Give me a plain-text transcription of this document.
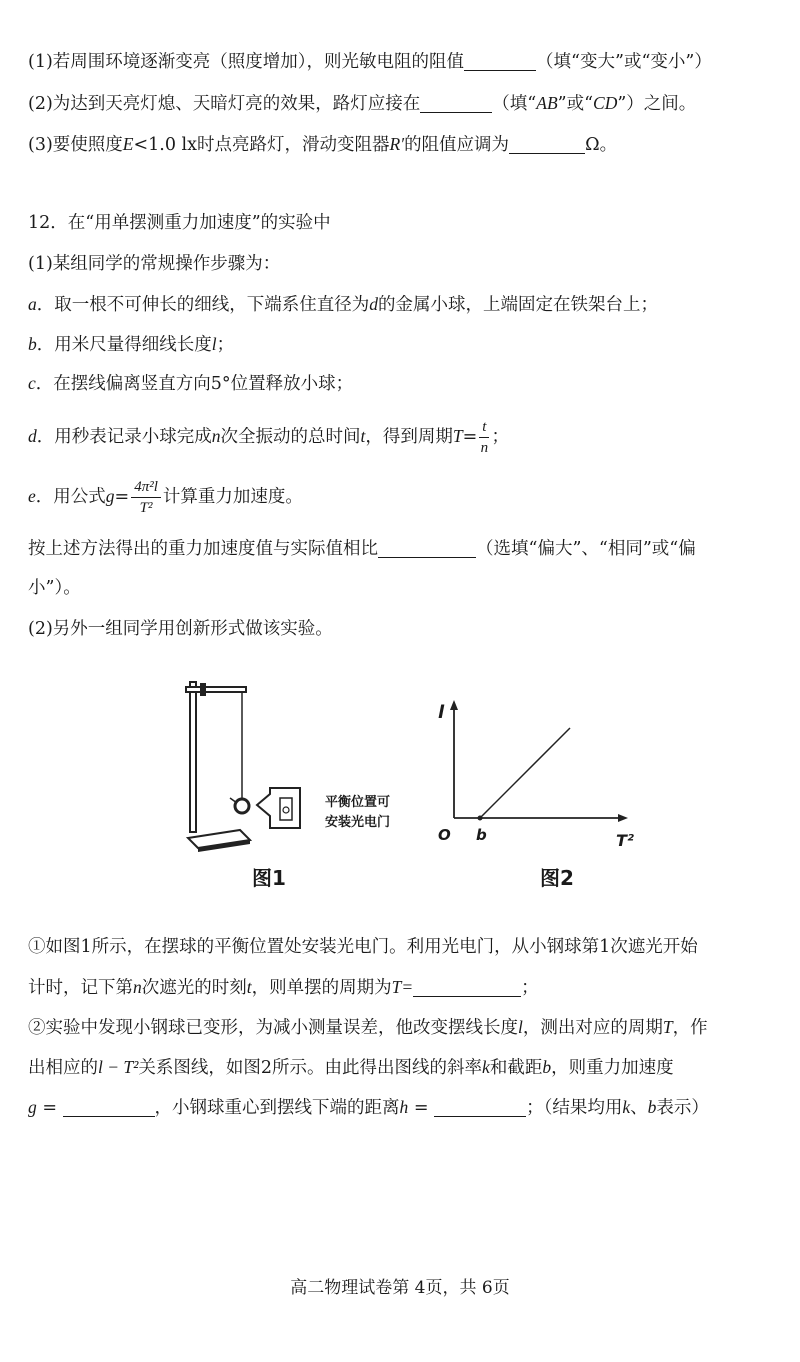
(1)若周围环境逐渐变亮（照度增加），则光敏电阻的阻值	（填“变大”或“变小”）
(2)为达到天亮灯熄、天暗灯亮的效果，路灯应接在	（填“AB”或“CD”）之间。
(3)要使照度E<1.0 lx时点亮路灯，滑动变阻器R′的阻值应调为	Ω。
12．在“用单摆测重力加速度”的实验中
(1)某组同学的常规操作步骤为：
a．取一根不可伸长的细线，下端系住直径为d的金属小球，上端固定在铁架台上；
b．用米尺量得细线长度l；
c．在摆线偏离竖直方向5°位置释放小球；
d．用秒表记录小球完成n次全振动的总时间t，得到周期$T= \frac{t}{n}$ ；
e．用公式$g= \frac{\text{4π²l}}{\text{T²}}$ 计算重力加速度。
按上述方法得出的重力加速度值与实际值相比	（选填“偏大”、“相同”或“偏
小”）。
(2)另外一组同学用创新形式做该实验。
平衡位置可
安装光电门
图1
l
O b	T²
图2
①如图1所示，在摆球的平衡位置处安装光电门。利用光电门，从小钢球第1次遮光开始
计时，记下第n次遮光的时刻t，则单摆的周期为T=	；
②实验中发现小钢球已变形，为减小测量误差，他改变摆线长度l，测出对应的周期T，作
出相应的l − T²关系图线，如图2所示。由此得出图线的斜率k和截距b，则重力加速度
g =	，小钢球重心到摆线下端的距离h =	；（结果均用k、b表示）
高二物理试卷第 4页，共 6页
